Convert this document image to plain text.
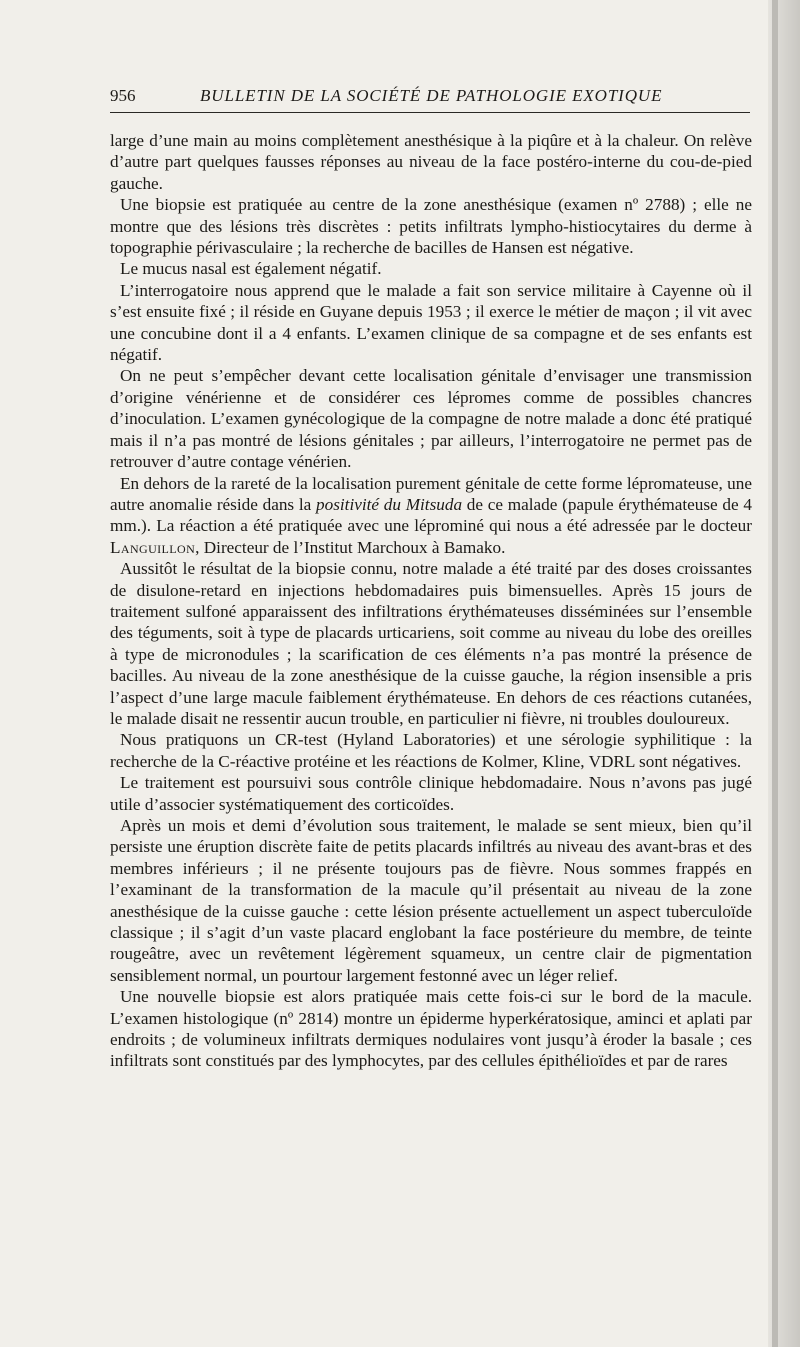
956	BULLETIN DE LA SOCIÉTÉ DE PATHOLOGIE EXOTIQUE

large d’une main au moins complètement anesthésique à la piqûre et à la chaleur. On relève d’autre part quelques fausses réponses au niveau de la face postéro-interne du cou-de-pied gauche.

Une biopsie est pratiquée au centre de la zone anesthésique (examen nº 2788) ; elle ne montre que des lésions très discrètes : petits infiltrats lympho-histiocytaires du derme à topographie périvasculaire ; la recherche de bacilles de Hansen est négative.

Le mucus nasal est également négatif.

L’interrogatoire nous apprend que le malade a fait son service militaire à Cayenne où il s’est ensuite fixé ; il réside en Guyane depuis 1953 ; il exerce le métier de maçon ; il vit avec une concubine dont il a 4 enfants. L’examen clinique de sa compagne et de ses enfants est négatif.

On ne peut s’empêcher devant cette localisation génitale d’envisager une transmission d’origine vénérienne et de considérer ces lépromes comme de possibles chancres d’inoculation. L’examen gynécologique de la compagne de notre malade a donc été pratiqué mais il n’a pas montré de lésions génitales ; par ailleurs, l’interrogatoire ne permet pas de retrouver d’autre contage vénérien.

En dehors de la rareté de la localisation purement génitale de cette forme lépromateuse, une autre anomalie réside dans la positivité du Mitsuda de ce malade (papule érythémateuse de 4 mm.). La réaction a été pratiquée avec une léprominé qui nous a été adressée par le docteur Languillon, Directeur de l’Institut Marchoux à Bamako.

Aussitôt le résultat de la biopsie connu, notre malade a été traité par des doses croissantes de disulone-retard en injections hebdomadaires puis bimensuelles. Après 15 jours de traitement sulfoné apparaissent des infiltrations érythémateuses disséminées sur l’ensemble des téguments, soit à type de placards urticariens, soit comme au niveau du lobe des oreilles à type de micronodules ; la scarification de ces éléments n’a pas montré la présence de bacilles. Au niveau de la zone anesthésique de la cuisse gauche, la région insensible a pris l’aspect d’une large macule faiblement érythémateuse. En dehors de ces réactions cutanées, le malade disait ne ressentir aucun trouble, en particulier ni fièvre, ni troubles douloureux.

Nous pratiquons un CR-test (Hyland Laboratories) et une sérologie syphilitique : la recherche de la C-réactive protéine et les réactions de Kolmer, Kline, VDRL sont négatives.

Le traitement est poursuivi sous contrôle clinique hebdomadaire. Nous n’avons pas jugé utile d’associer systématiquement des corticoïdes.

Après un mois et demi d’évolution sous traitement, le malade se sent mieux, bien qu’il persiste une éruption discrète faite de petits placards infiltrés au niveau des avant-bras et des membres inférieurs ; il ne présente toujours pas de fièvre. Nous sommes frappés en l’examinant de la transformation de la macule qu’il présentait au niveau de la zone anesthésique de la cuisse gauche : cette lésion présente actuellement un aspect tuberculoïde classique ; il s’agit d’un vaste placard englobant la face postérieure du membre, de teinte rougeâtre, avec un revêtement légèrement squameux, un centre clair de pigmentation sensiblement normal, un pourtour largement festonné avec un léger relief.

Une nouvelle biopsie est alors pratiquée mais cette fois-ci sur le bord de la macule. L’examen histologique (nº 2814) montre un épiderme hyperkératosique, aminci et aplati par endroits ; de volumineux infiltrats dermiques nodulaires vont jusqu’à éroder la basale ; ces infiltrats sont constitués par des lymphocytes, par des cellules épithélioïdes et par de rares
